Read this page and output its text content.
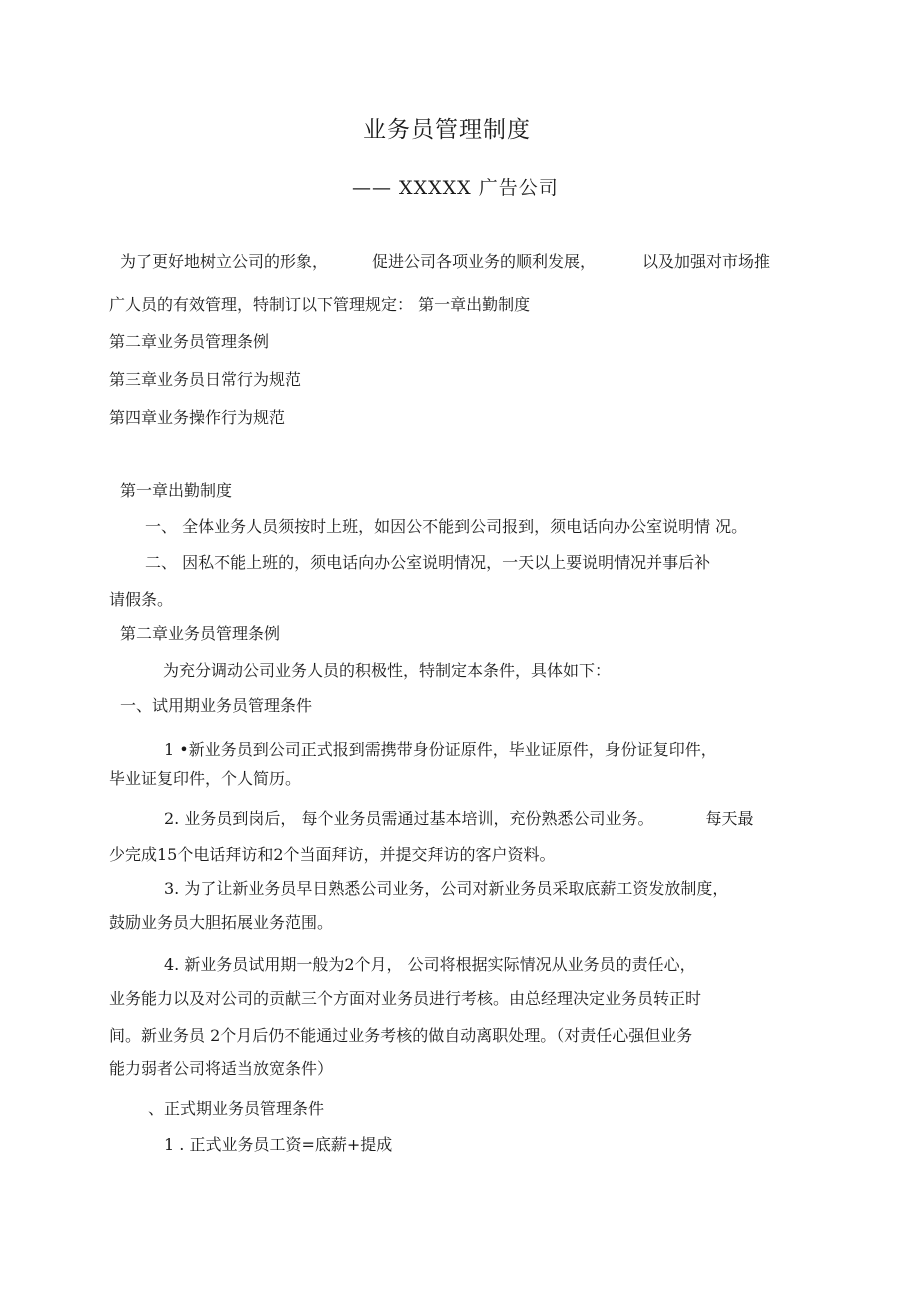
业务员管理制度
—— XXXXX 广告公司
为了更好地树立公司的形象，	促进公司各项业务的顺利发展，	以及加强对市场推
广人员的有效管理，特制订以下管理规定： 第一章出勤制度
第二章业务员管理条例
第三章业务员日常行为规范
第四章业务操作行为规范
第一章出勤制度
一、 全体业务人员须按时上班，如因公不能到公司报到，须电话向办公室说明情 况。
二、 因私不能上班的，须电话向办公室说明情况，一天以上要说明情况并事后补
请假条。
第二章业务员管理条例
为充分调动公司业务人员的积极性，特制定本条件，具体如下：
一、试用期业务员管理条件
1 •新业务员到公司正式报到需携带身份证原件，毕业证原件，身份证复印件，
毕业证复印件，个人简历。
2. 业务员到岗后， 每个业务员需通过基本培训，充份熟悉公司业务。	每天最
少完成15个电话拜访和2个当面拜访，并提交拜访的客户资料。
3. 为了让新业务员早日熟悉公司业务，公司对新业务员采取底薪工资发放制度，
鼓励业务员大胆拓展业务范围。
4. 新业务员试用期一般为2个月， 公司将根据实际情况从业务员的责任心，
业务能力以及对公司的贡献三个方面对业务员进行考核。由总经理决定业务员转正时
间。新业务员 2个月后仍不能通过业务考核的做自动离职处理。（对责任心强但业务
能力弱者公司将适当放宽条件）
、正式期业务员管理条件
1 . 正式业务员工资=底薪+提成
